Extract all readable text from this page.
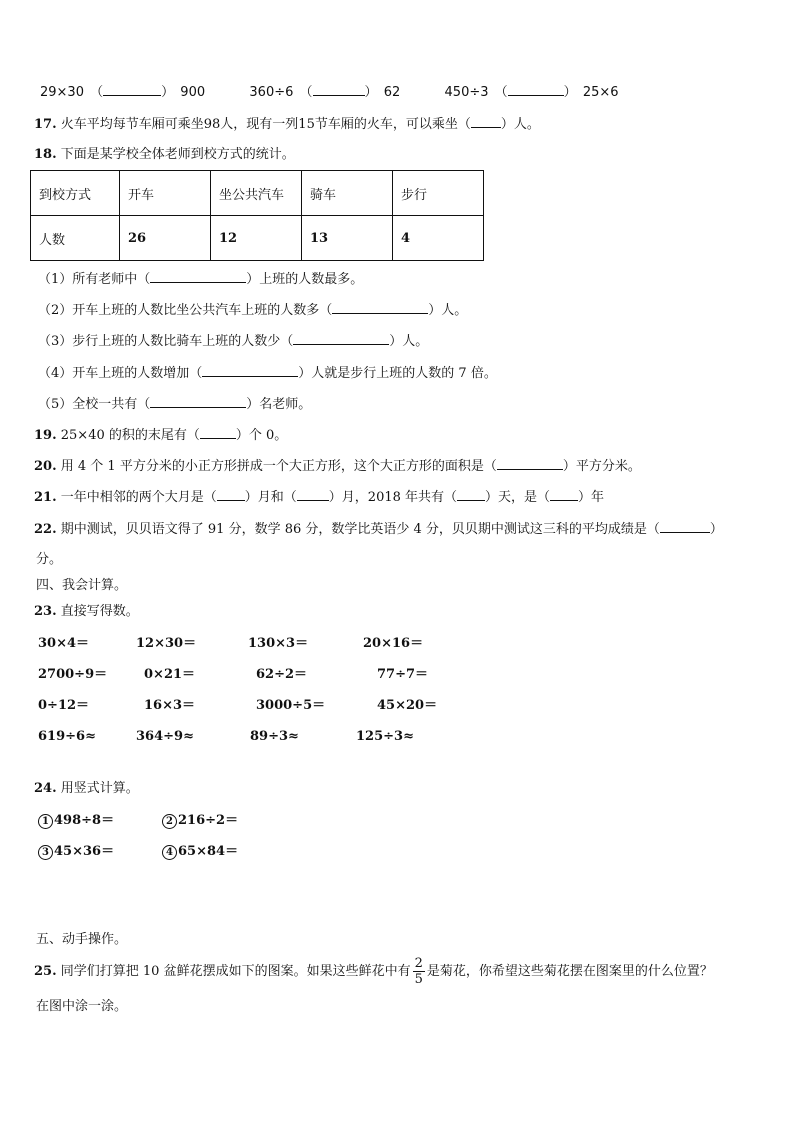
29×30 （	） 900	360÷6 （	） 62	450÷3 （	） 25×6
17. 火车平均每节车厢可乘坐98人，现有一列15节车厢的火车，可以乘坐（ ）人。
18. 下面是某学校全体老师到校方式的统计。
到校方式	开车	坐公共汽车	骑车	步行
人数	26	12	13	4
（1）所有老师中（	）上班的人数最多。
（2）开车上班的人数比坐公共汽车上班的人数多（	）人。
（3）步行上班的人数比骑车上班的人数少（	）人。
（4）开车上班的人数增加（	）人就是步行上班的人数的 7 倍。
（5）全校一共有（	）名老师。
19. 25×40 的积的末尾有（	）个 0。
20. 用 4 个 1 平方分米的小正方形拼成一个大正方形，这个大正方形的面积是（	）平方分米。
21. 一年中相邻的两个大月是（ ）月和（ ）月，2018 年共有（ ）天，是（ ）年
22. 期中测试，贝贝语文得了 91 分，数学 86 分，数学比英语少 4 分，贝贝期中测试这三科的平均成绩是（	）
分。
四、我会计算。
23. 直接写得数。
30×4＝	12×30＝	130×3＝	20×16＝
2700÷9＝	0×21＝	62÷2＝	77÷7＝
0÷12＝	16×3＝	3000÷5＝	45×20＝
619÷6≈	364÷9≈	89÷3≈	125÷3≈
24. 用竖式计算。
1 498÷8＝	2 216÷2＝
3 45×36＝	4 65×84＝
五、动手操作。
25. 同学们打算把 10 盆鲜花摆成如下的图案。如果这些鲜花中有 $\frac{2}{5}$ 是菊花，你希望这些菊花摆在图案里的什么位置？
在图中涂一涂。
